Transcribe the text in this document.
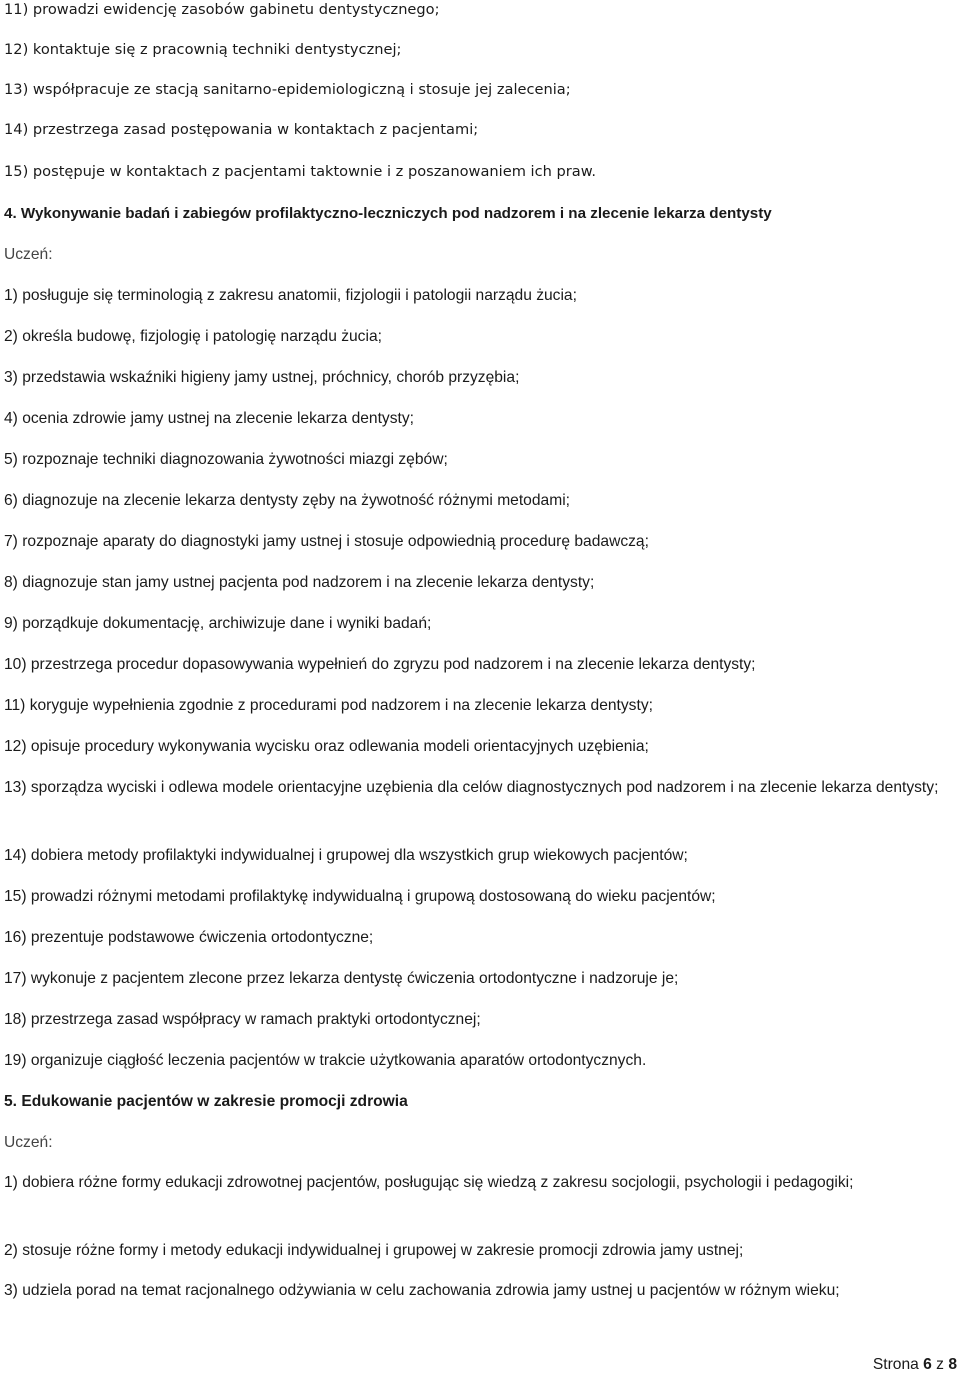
11) prowadzi ewidencję zasobów gabinetu dentystycznego;
12) kontaktuje się z pracownią techniki dentystycznej;
13) współpracuje ze stacją sanitarno-epidemiologiczną i stosuje jej zalecenia;
14) przestrzega zasad postępowania w kontaktach z pacjentami;
15) postępuje w kontaktach z pacjentami taktownie i z poszanowaniem ich praw.
4. Wykonywanie badań i zabiegów profilaktyczno-leczniczych pod nadzorem i na zlecenie lekarza dentysty
Uczeń:
1) posługuje się terminologią z zakresu anatomii, fizjologii i patologii narządu żucia;
2) określa budowę, fizjologię i patologię narządu żucia;
3) przedstawia wskaźniki higieny jamy ustnej, próchnicy, chorób przyzębia;
4) ocenia zdrowie jamy ustnej na zlecenie lekarza dentysty;
5) rozpoznaje techniki diagnozowania żywotności miazgi zębów;
6) diagnozuje na zlecenie lekarza dentysty zęby na żywotność różnymi metodami;
7) rozpoznaje aparaty do diagnostyki jamy ustnej i stosuje odpowiednią procedurę badawczą;
8) diagnozuje stan jamy ustnej pacjenta pod nadzorem i na zlecenie lekarza dentysty;
9) porządkuje dokumentację, archiwizuje dane i wyniki badań;
10) przestrzega procedur dopasowywania wypełnień do zgryzu pod nadzorem i na zlecenie lekarza dentysty;
11) koryguje wypełnienia zgodnie z procedurami pod nadzorem i na zlecenie lekarza dentysty;
12) opisuje procedury wykonywania wycisku oraz odlewania modeli orientacyjnych uzębienia;
13) sporządza wyciski i odlewa modele orientacyjne uzębienia dla celów diagnostycznych pod nadzorem i na zlecenie lekarza dentysty;
14) dobiera metody profilaktyki indywidualnej i grupowej dla wszystkich grup wiekowych pacjentów;
15) prowadzi różnymi metodami profilaktykę indywidualną i grupową dostosowaną do wieku pacjentów;
16) prezentuje podstawowe ćwiczenia ortodontyczne;
17) wykonuje z pacjentem zlecone przez lekarza dentystę ćwiczenia ortodontyczne i nadzoruje je;
18) przestrzega zasad współpracy w ramach praktyki ortodontycznej;
19) organizuje ciągłość leczenia pacjentów w trakcie użytkowania aparatów ortodontycznych.
5. Edukowanie pacjentów w zakresie promocji zdrowia
Uczeń:
1) dobiera różne formy edukacji zdrowotnej pacjentów, posługując się wiedzą z zakresu socjologii, psychologii i pedagogiki;
2) stosuje różne formy i metody edukacji indywidualnej i grupowej w zakresie promocji zdrowia jamy ustnej;
3) udziela porad na temat racjonalnego odżywiania w celu zachowania zdrowia jamy ustnej u pacjentów w różnym wieku;
Strona 6 z 8
